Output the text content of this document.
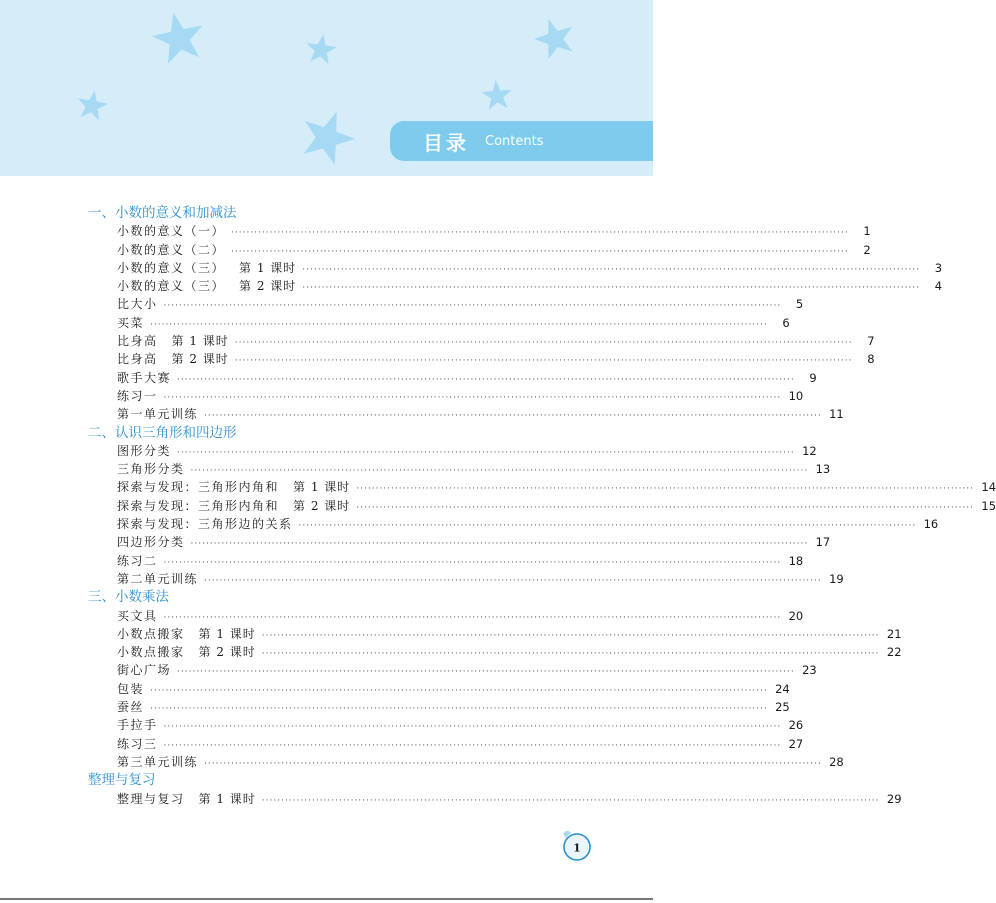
目录 Contents
一、小数的意义和加减法
小数的意义（一） ································································································································································	1
小数的意义（二） ································································································································································	2
小数的意义（三） 第 1 课时 ································································································································································	3
小数的意义（三） 第 2 课时 ································································································································································	4
比大小 ································································································································································	5
买菜 ································································································································································	6
比身高 第 1 课时 ································································································································································	7
比身高 第 2 课时 ································································································································································	8
歌手大赛 ································································································································································	9
练习一 ································································································································································ 10
第一单元训练 ································································································································································ 11
二、认识三角形和四边形
图形分类 ································································································································································ 12
三角形分类 ································································································································································ 13
探索与发现：三角形内角和 第 1 课时 ································································································································································ 14
探索与发现：三角形内角和 第 2 课时 ································································································································································ 15
探索与发现：三角形边的关系 ································································································································································ 16
四边形分类 ································································································································································ 17
练习二 ································································································································································ 18
第二单元训练 ································································································································································ 19
三、小数乘法
买文具 ································································································································································ 20
小数点搬家 第 1 课时 ································································································································································ 21
小数点搬家 第 2 课时 ································································································································································ 22
街心广场 ································································································································································ 23
包装 ································································································································································ 24
蚕丝 ································································································································································ 25
手拉手 ································································································································································ 26
练习三 ································································································································································ 27
第三单元训练 ································································································································································ 28
整理与复习
整理与复习 第 1 课时 ································································································································································ 29
1
